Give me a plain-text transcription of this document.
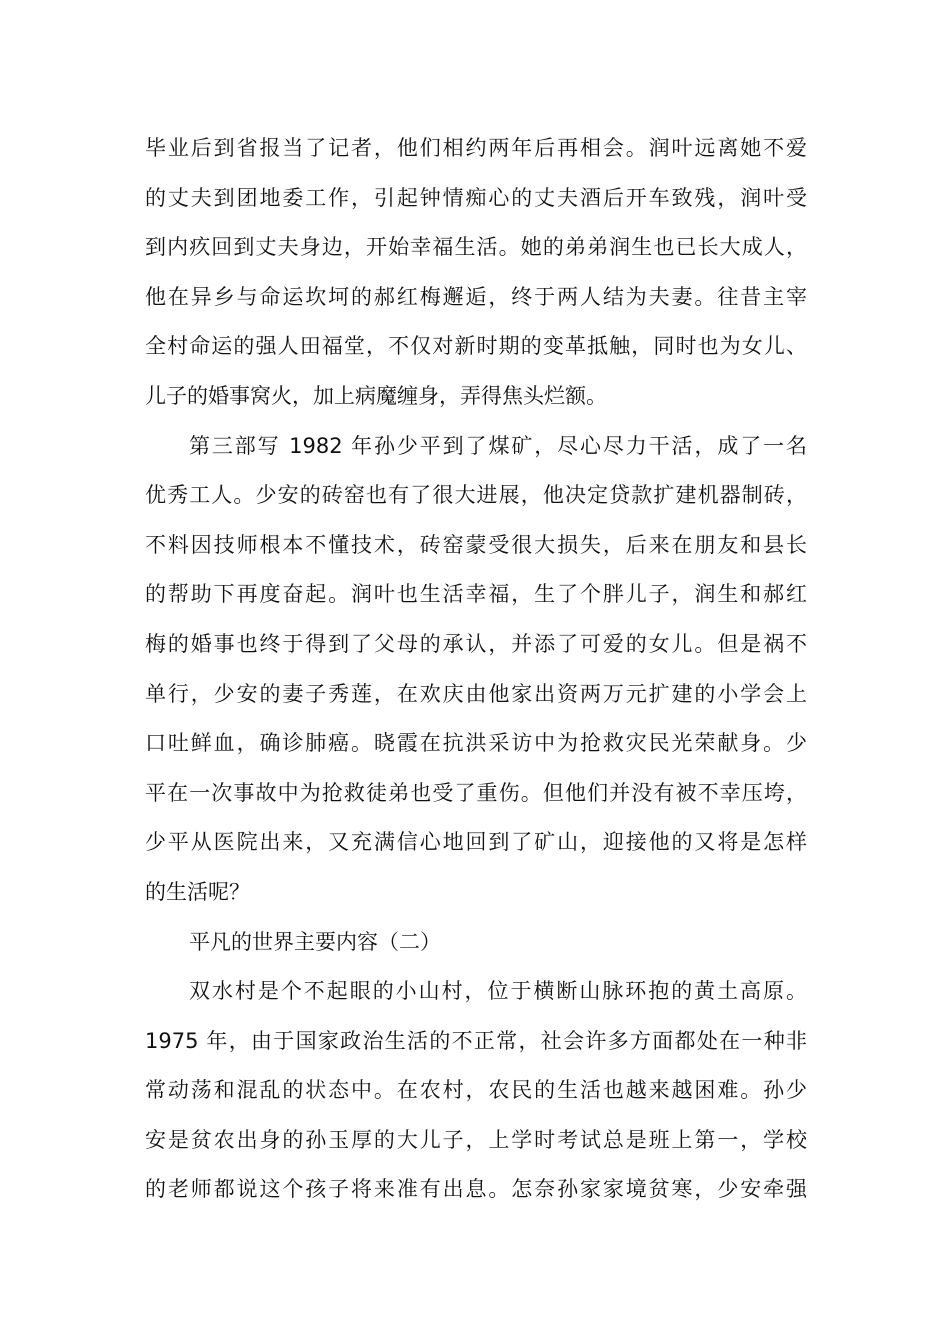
毕业后到省报当了记者，他们相约两年后再相会。润叶远离她不爱
的丈夫到团地委工作，引起钟情痴心的丈夫酒后开车致残，润叶受
到内疚回到丈夫身边，开始幸福生活。她的弟弟润生也已长大成人，
他在异乡与命运坎坷的郝红梅邂逅，终于两人结为夫妻。往昔主宰
全村命运的强人田福堂，不仅对新时期的变革抵触，同时也为女儿、
儿子的婚事窝火，加上病魔缠身，弄得焦头烂额。
第三部写 1982 年孙少平到了煤矿，尽心尽力干活，成了一名
优秀工人。少安的砖窑也有了很大进展，他决定贷款扩建机器制砖，
不料因技师根本不懂技术，砖窑蒙受很大损失，后来在朋友和县长
的帮助下再度奋起。润叶也生活幸福，生了个胖儿子，润生和郝红
梅的婚事也终于得到了父母的承认，并添了可爱的女儿。但是祸不
单行，少安的妻子秀莲，在欢庆由他家出资两万元扩建的小学会上
口吐鲜血，确诊肺癌。晓霞在抗洪采访中为抢救灾民光荣献身。少
平在一次事故中为抢救徒弟也受了重伤。但他们并没有被不幸压垮，
少平从医院出来，又充满信心地回到了矿山，迎接他的又将是怎样
的生活呢？
平凡的世界主要内容（二）
双水村是个不起眼的小山村，位于横断山脉环抱的黄土高原。
1975 年，由于国家政治生活的不正常，社会许多方面都处在一种非
常动荡和混乱的状态中。在农村，农民的生活也越来越困难。孙少
安是贫农出身的孙玉厚的大儿子，上学时考试总是班上第一，学校
的老师都说这个孩子将来准有出息。怎奈孙家家境贫寒，少安牵强
